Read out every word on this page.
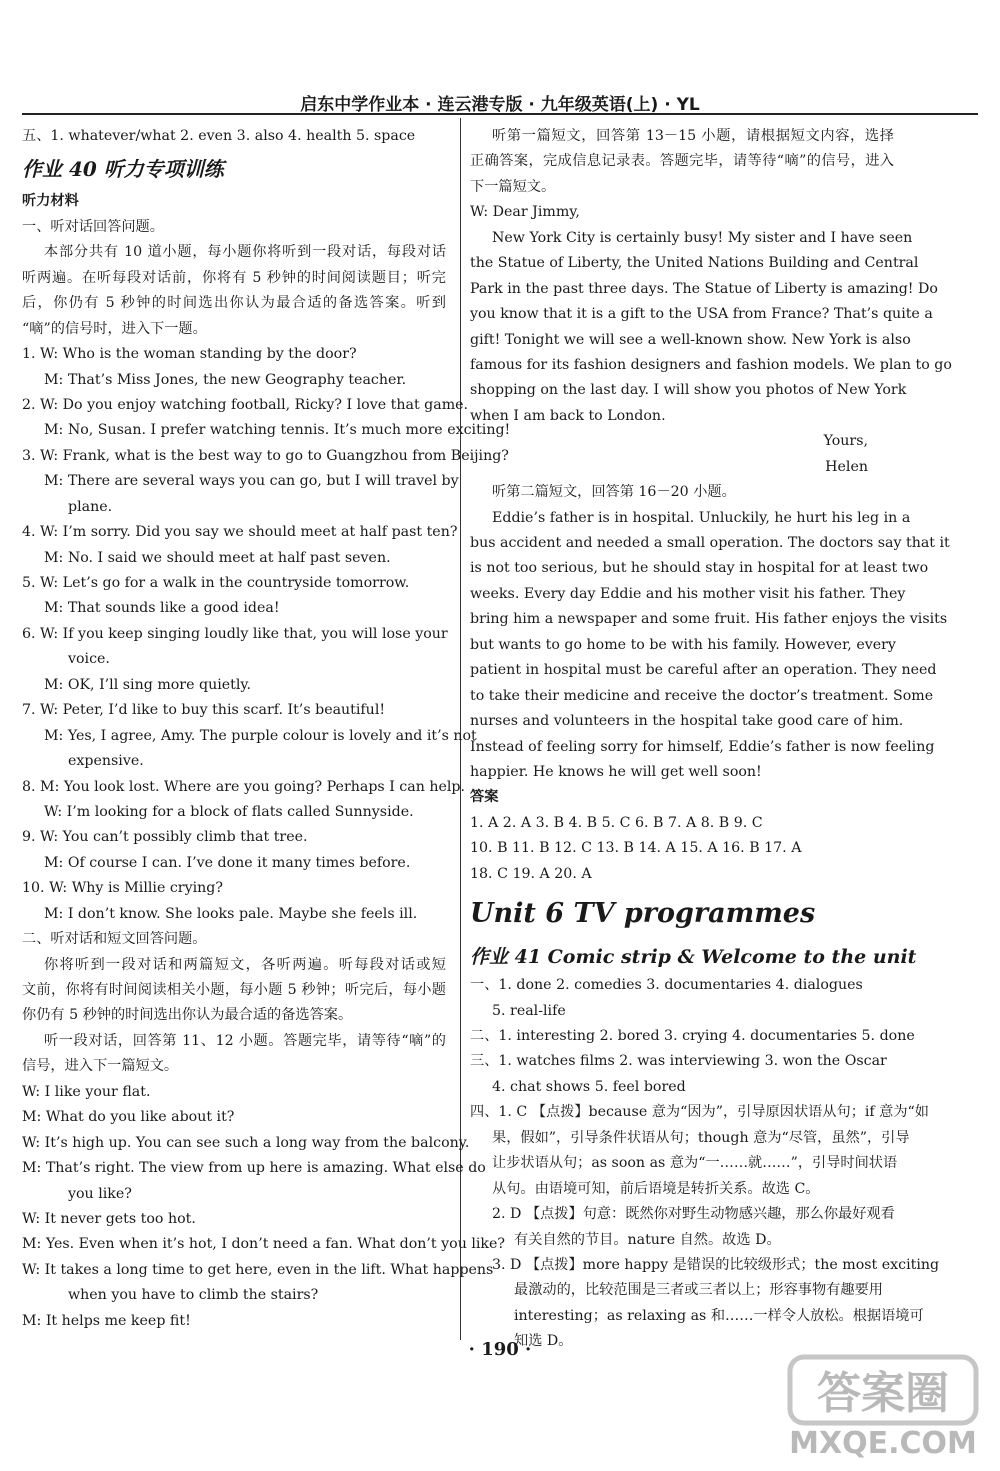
启东中学作业本 · 连云港专版 · 九年级英语(上) · YL
五、1. whatever/what 2. even 3. also 4. health 5. space
作业 40 听力专项训练
听力材料
一、听对话回答问题。
本部分共有 10 道小题，每小题你将听到一段对话，每段对话
听两遍。在听每段对话前，你将有 5 秒钟的时间阅读题目；听完
后，你仍有 5 秒钟的时间选出你认为最合适的备选答案。听到
“嘀”的信号时，进入下一题。
1. W: Who is the woman standing by the door?
M: That’s Miss Jones, the new Geography teacher.
2. W: Do you enjoy watching football, Ricky? I love that game.
M: No, Susan. I prefer watching tennis. It’s much more exciting!
3. W: Frank, what is the best way to go to Guangzhou from Beijing?
M: There are several ways you can go, but I will travel by
plane.
4. W: I’m sorry. Did you say we should meet at half past ten?
M: No. I said we should meet at half past seven.
5. W: Let’s go for a walk in the countryside tomorrow.
M: That sounds like a good idea!
6. W: If you keep singing loudly like that, you will lose your
voice.
M: OK, I’ll sing more quietly.
7. W: Peter, I’d like to buy this scarf. It’s beautiful!
M: Yes, I agree, Amy. The purple colour is lovely and it’s not
expensive.
8. M: You look lost. Where are you going? Perhaps I can help.
W: I’m looking for a block of flats called Sunnyside.
9. W: You can’t possibly climb that tree.
M: Of course I can. I’ve done it many times before.
10. W: Why is Millie crying?
M: I don’t know. She looks pale. Maybe she feels ill.
二、听对话和短文回答问题。
你将听到一段对话和两篇短文，各听两遍。听每段对话或短
文前，你将有时间阅读相关小题，每小题 5 秒钟；听完后，每小题
你仍有 5 秒钟的时间选出你认为最合适的备选答案。
听一段对话，回答第 11、12 小题。答题完毕，请等待“嘀”的
信号，进入下一篇短文。
W: I like your flat.
M: What do you like about it?
W: It’s high up. You can see such a long way from the balcony.
M: That’s right. The view from up here is amazing. What else do
you like?
W: It never gets too hot.
M: Yes. Even when it’s hot, I don’t need a fan. What don’t you like?
W: It takes a long time to get here, even in the lift. What happens
when you have to climb the stairs?
M: It helps me keep fit!
听第一篇短文，回答第 13－15 小题，请根据短文内容，选择
正确答案，完成信息记录表。答题完毕，请等待“嘀”的信号，进入
下一篇短文。
W: Dear Jimmy,
New York City is certainly busy! My sister and I have seen
the Statue of Liberty, the United Nations Building and Central
Park in the past three days. The Statue of Liberty is amazing! Do
you know that it is a gift to the USA from France? That’s quite a
gift! Tonight we will see a well-known show. New York is also
famous for its fashion designers and fashion models. We plan to go
shopping on the last day. I will show you photos of New York
when I am back to London.
Yours,
Helen
听第二篇短文，回答第 16－20 小题。
Eddie’s father is in hospital. Unluckily, he hurt his leg in a
bus accident and needed a small operation. The doctors say that it
is not too serious, but he should stay in hospital for at least two
weeks. Every day Eddie and his mother visit his father. They
bring him a newspaper and some fruit. His father enjoys the visits
but wants to go home to be with his family. However, every
patient in hospital must be careful after an operation. They need
to take their medicine and receive the doctor’s treatment. Some
nurses and volunteers in the hospital take good care of him.
Instead of feeling sorry for himself, Eddie’s father is now feeling
happier. He knows he will get well soon!
答案
1. A 2. A 3. B 4. B 5. C 6. B 7. A 8. B 9. C
10. B 11. B 12. C 13. B 14. A 15. A 16. B 17. A
18. C 19. A 20. A
Unit 6 TV programmes
作业 41 Comic strip & Welcome to the unit
一、1. done 2. comedies 3. documentaries 4. dialogues
5. real-life
二、1. interesting 2. bored 3. crying 4. documentaries 5. done
三、1. watches films 2. was interviewing 3. won the Oscar
4. chat shows 5. feel bored
四、1. C 【点拨】because 意为“因为”，引导原因状语从句；if 意为“如
果，假如”，引导条件状语从句；though 意为“尽管，虽然”，引导
让步状语从句；as soon as 意为“一……就……”，引导时间状语
从句。由语境可知，前后语境是转折关系。故选 C。
2. D 【点拨】句意：既然你对野生动物感兴趣，那么你最好观看
有关自然的节目。nature 自然。故选 D。
3. D 【点拨】more happy 是错误的比较级形式；the most exciting
最激动的，比较范围是三者或三者以上；形容事物有趣要用
interesting；as relaxing as 和……一样令人放松。根据语境可
知选 D。
· 190 ·
答案圈
MXQE.COM
